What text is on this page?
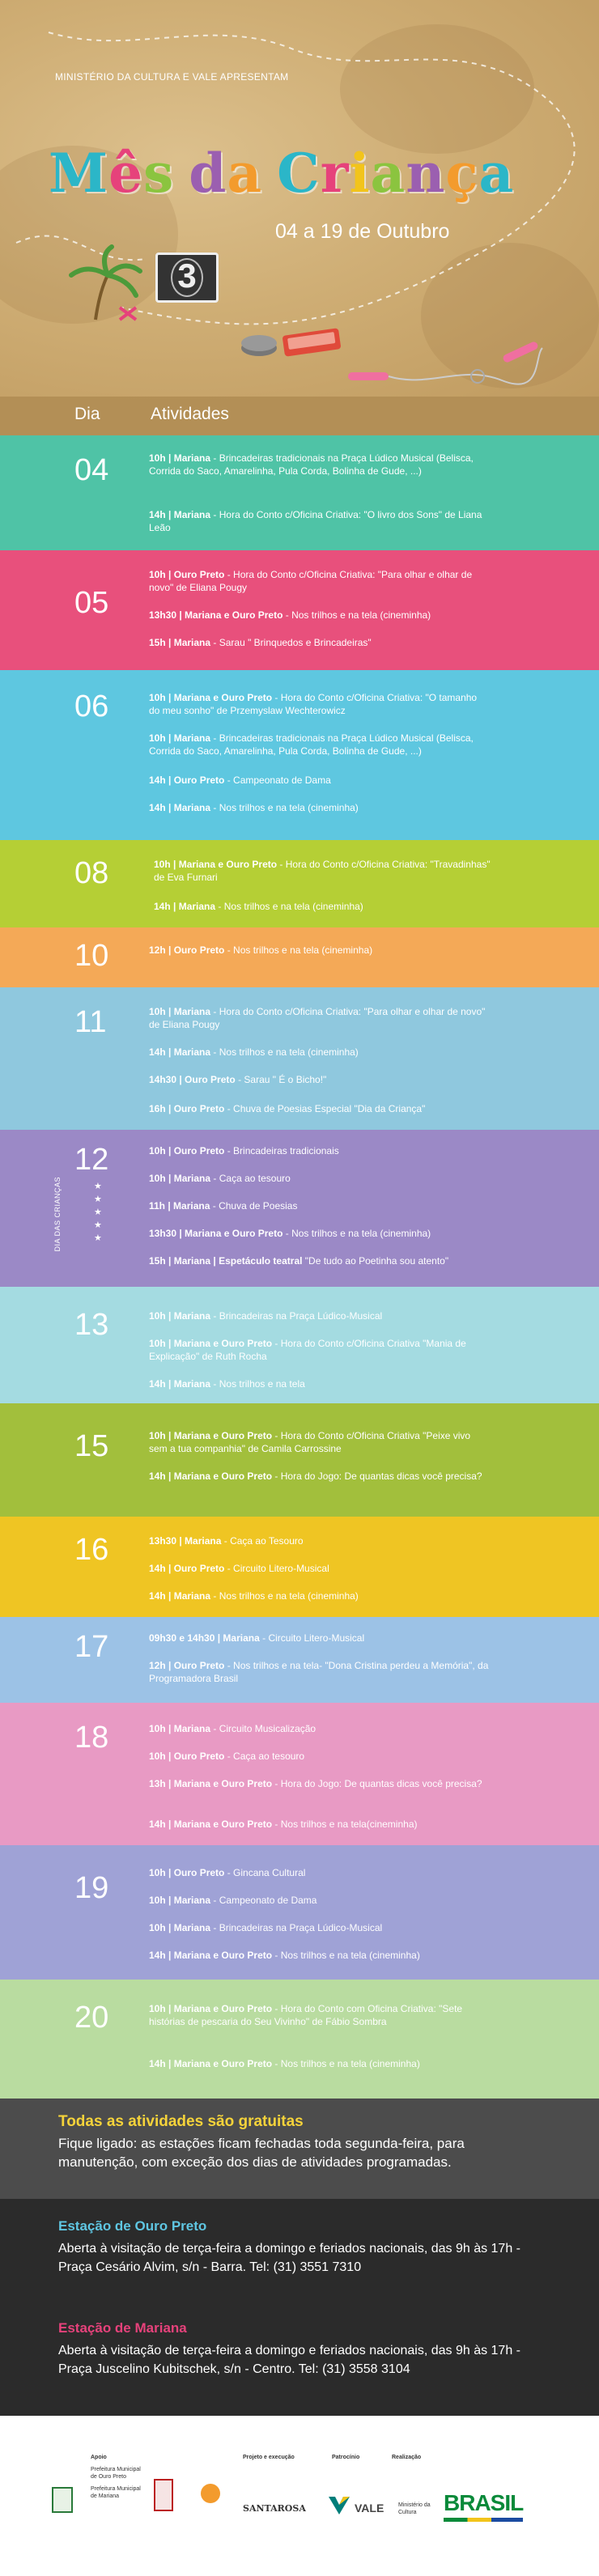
MINISTÉRIO DA CULTURA E VALE APRESENTAM
Mês da Criança
04 a 19 de Outubro
3
Dia	Atividades
04	10h | Mariana - Brincadeiras tradicionais na Praça Lúdico Musical (Belisca, Corrida do Saco, Amarelinha, Pula Corda, Bolinha de Gude, ...)
14h | Mariana - Hora do Conto c/Oficina Criativa: "O livro dos Sons" de Liana Leão
05
10h | Ouro Preto - Hora do Conto c/Oficina Criativa: "Para olhar e olhar de novo" de Eliana Pougy
13h30 | Mariana e Ouro Preto - Nos trilhos e na tela (cineminha)
15h | Mariana - Sarau " Brinquedos e Brincadeiras"
06	10h | Mariana e Ouro Preto - Hora do Conto c/Oficina Criativa: "O tamanho do meu sonho" de Przemyslaw Wechterowicz
10h | Mariana - Brincadeiras tradicionais na Praça Lúdico Musical (Belisca, Corrida do Saco, Amarelinha, Pula Corda, Bolinha de Gude, ...)
14h | Ouro Preto - Campeonato de Dama
14h | Mariana - Nos trilhos e na tela (cineminha)
08	10h | Mariana e Ouro Preto - Hora do Conto c/Oficina Criativa: "Travadinhas" de Eva Furnari
14h | Mariana - Nos trilhos e na tela (cineminha)
10	12h | Ouro Preto - Nos trilhos e na tela (cineminha)
11	10h | Mariana - Hora do Conto c/Oficina Criativa: "Para olhar e olhar de novo" de Eliana Pougy
14h | Mariana - Nos trilhos e na tela (cineminha)
14h30 | Ouro Preto - Sarau " É o Bicho!"
16h | Ouro Preto - Chuva de Poesias Especial "Dia da Criança"
12
DIA DAS CRIANÇAS	★
★
★
★
★
10h | Ouro Preto - Brincadeiras tradicionais
10h | Mariana - Caça ao tesouro
11h | Mariana - Chuva de Poesias
13h30 | Mariana e Ouro Preto - Nos trilhos e na tela (cineminha)
15h | Mariana | Espetáculo teatral "De tudo ao Poetinha sou atento"
13	10h | Mariana - Brincadeiras na Praça Lúdico-Musical
10h | Mariana e Ouro Preto - Hora do Conto c/Oficina Criativa "Mania de Explicação" de Ruth Rocha
14h | Mariana - Nos trilhos e na tela
15	10h | Mariana e Ouro Preto - Hora do Conto c/Oficina Criativa "Peixe vivo sem a tua companhia" de Camila Carrossine
14h | Mariana e Ouro Preto - Hora do Jogo: De quantas dicas você precisa?
16	13h30 | Mariana - Caça ao Tesouro
14h | Ouro Preto - Circuito Litero-Musical
14h | Mariana - Nos trilhos e na tela (cineminha)
17	09h30 e 14h30 | Mariana - Circuito Litero-Musical
12h | Ouro Preto - Nos trilhos e na tela- "Dona Cristina perdeu a Memória", da Programadora Brasil
18	10h | Mariana - Circuito Musicalização
10h | Ouro Preto - Caça ao tesouro
13h | Mariana e Ouro Preto - Hora do Jogo: De quantas dicas você precisa?
14h | Mariana e Ouro Preto - Nos trilhos e na tela(cineminha)
19	10h | Ouro Preto - Gincana Cultural
10h | Mariana - Campeonato de Dama
10h | Mariana - Brincadeiras na Praça Lúdico-Musical
14h | Mariana e Ouro Preto - Nos trilhos e na tela (cineminha)
20	10h | Mariana e Ouro Preto - Hora do Conto com Oficina Criativa: "Sete histórias de pescaria do Seu Vivinho" de Fábio Sombra
14h | Mariana e Ouro Preto - Nos trilhos e na tela (cineminha)
Todas as atividades são gratuitas
Fique ligado: as estações ficam fechadas toda segunda-feira, para manutenção, com exceção dos dias de atividades programadas.
Estação de Ouro Preto
Aberta à visitação de terça-feira a domingo e feriados nacionais, das 9h às 17h - Praça Cesário Alvim, s/n - Barra. Tel: (31) 3551 7310
Estação de Mariana
Aberta à visitação de terça-feira a domingo e feriados nacionais, das 9h às 17h - Praça Juscelino Kubitschek, s/n - Centro. Tel: (31) 3558 3104
Apoio
Prefeitura Municipal de Ouro Preto
Prefeitura Municipal de Mariana
Projeto e execução
SANTAROSA
Patrocínio
VALE
Realização
Ministério da Cultura	BRASIL
